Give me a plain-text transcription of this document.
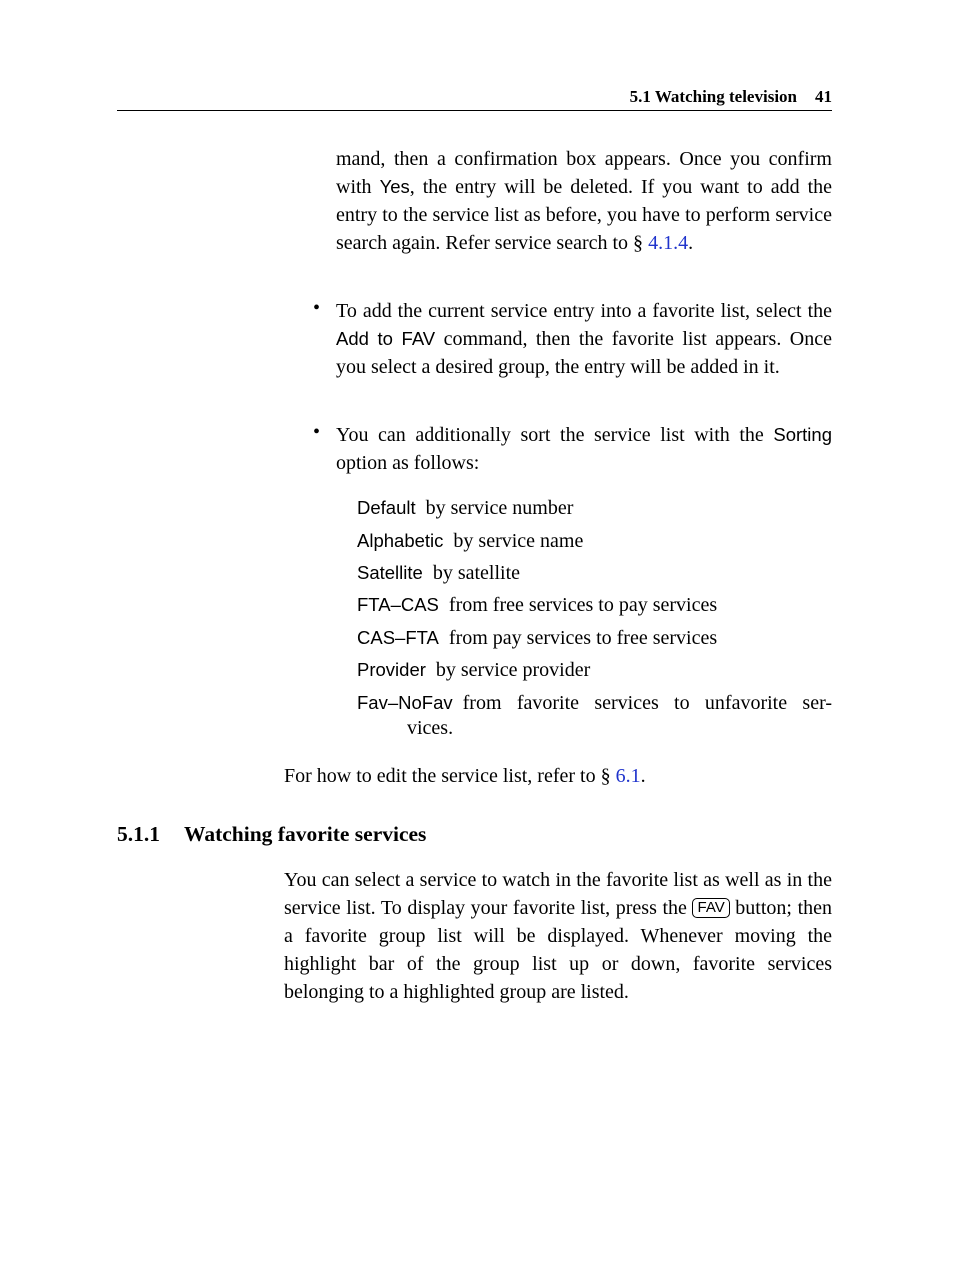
5.1 Watching television 41

mand, then a confirmation box appears. Once you confirm with Yes, the entry will be deleted. If you want to add the entry to the service list as before, you have to perform service search again. Refer service search to § 4.1.4.

• To add the current service entry into a favorite list, select the Add to FAV command, then the favorite list appears. Once you select a desired group, the entry will be added in it.

• You can additionally sort the service list with the Sorting option as follows:

Default by service number
Alphabetic by service name
Satellite by satellite
FTA–CAS from free services to pay services
CAS–FTA from pay services to free services
Provider by service provider
Fav–NoFav from favorite services to unfavorite ser-
vices.

For how to edit the service list, refer to § 6.1.

5.1.1 Watching favorite services

You can select a service to watch in the favorite list as well as in the service list. To display your favorite list, press the FAV button; then a favorite group list will be displayed. Whenever moving the highlight bar of the group list up or down, favorite services belonging to a highlighted group are listed.
